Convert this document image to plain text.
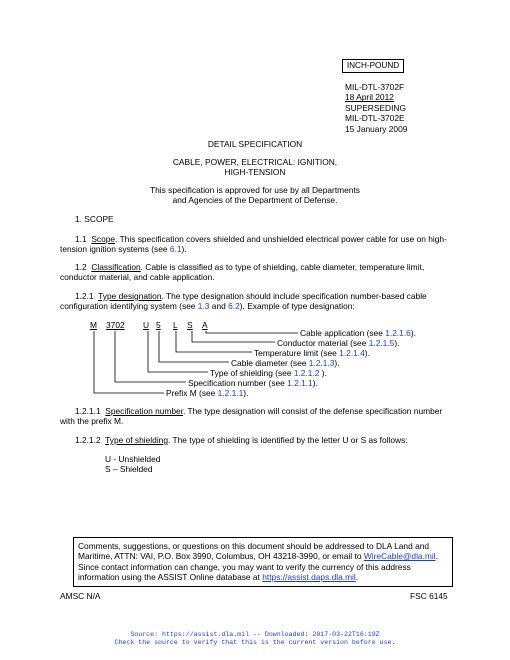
INCH-POUND
MIL-DTL-3702F
18 April 2012
SUPERSEDING
MIL-DTL-3702E
15 January 2009
DETAIL SPECIFICATION
CABLE, POWER, ELECTRICAL: IGNITION,
HIGH-TENSION
This specification is approved for use by all Departments
and Agencies of the Department of Defense.
1. SCOPE
1.1 Scope. This specification covers shielded and unshielded electrical power cable for use on high-tension ignition systems (see 6.1).
1.2 Classification. Cable is classified as to type of shielding, cable diameter, temperature limit, conductor material, and cable application.
1.2.1 Type designation. The type designation should include specification number-based cable configuration identifying system (see 1.3 and 6.2). Example of type designation:
M 3702 U 5 L S A
Cable application (see 1.2.1.6).
Conductor material (see 1.2.1.5).
Temperature limit (see 1.2.1.4).
Cable diameter (see 1.2.1.3).
Type of shielding (see 1.2.1.2 ).
Specification number (see 1.2.1.1).
Prefix M (see 1.2.1.1).
1.2.1.1 Specification number. The type designation will consist of the defense specification number with the prefix M.
1.2.1.2 Type of shielding. The type of shielding is identified by the letter U or S as follows:
U - Unshielded
S – Shielded
Comments, suggestions, or questions on this document should be addressed to DLA Land and Maritime, ATTN: VAI, P.O. Box 3990, Columbus, OH 43218-3990, or email to WireCable@dla.mil. Since contact information can change, you may want to verify the currency of this address information using the ASSIST Online database at https://assist.daps.dla.mil.
AMSC N/A	FSC 6145
Source: https://assist.dla.mil -- Downloaded: 2017-03-22T16:19Z
Check the source to verify that this is the current version before use.
